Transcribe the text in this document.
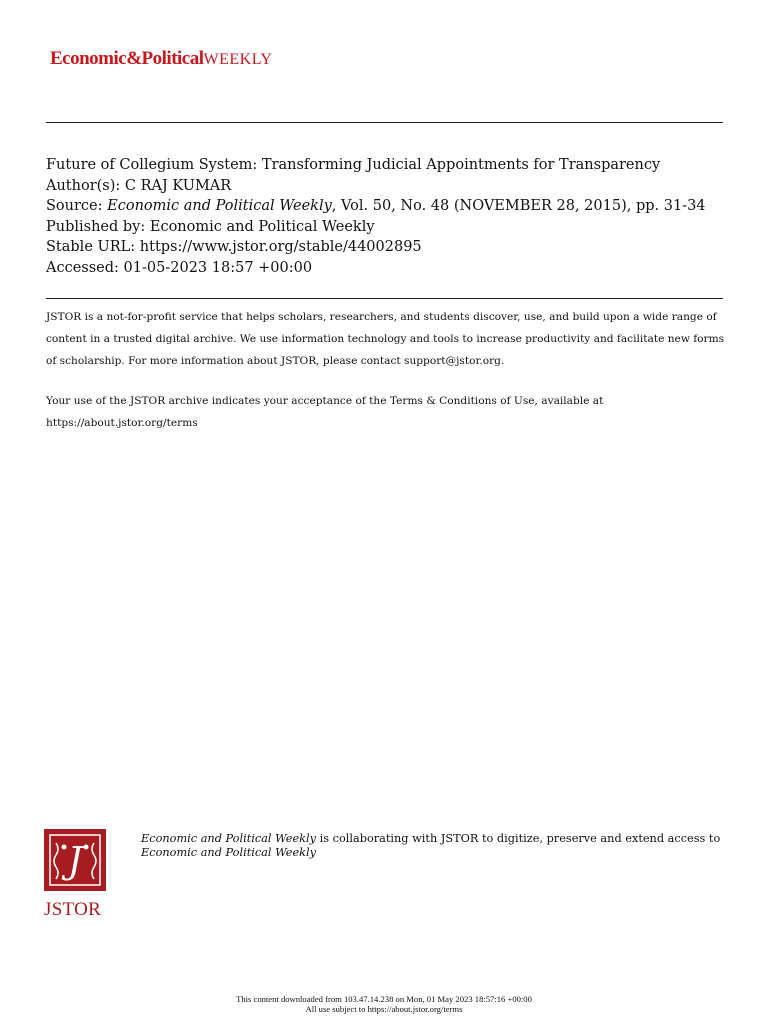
Economic&PoliticalWEEKLY
Future of Collegium System: Transforming Judicial Appointments for Transparency
Author(s): C RAJ KUMAR
Source: Economic and Political Weekly, Vol. 50, No. 48 (NOVEMBER 28, 2015), pp. 31-34
Published by: Economic and Political Weekly
Stable URL: https://www.jstor.org/stable/44002895
Accessed: 01-05-2023 18:57 +00:00

JSTOR is a not-for-profit service that helps scholars, researchers, and students discover, use, and build upon a wide range of content in a trusted digital archive. We use information technology and tools to increase productivity and facilitate new forms of scholarship. For more information about JSTOR, please contact support@jstor.org.

Your use of the JSTOR archive indicates your acceptance of the Terms & Conditions of Use, available at https://about.jstor.org/terms

J
JSTOR
Economic and Political Weekly is collaborating with JSTOR to digitize, preserve and extend access to Economic and Political Weekly
This content downloaded from 103.47.14.238 on Mon, 01 May 2023 18:57:16 +00:00
All use subject to https://about.jstor.org/terms
